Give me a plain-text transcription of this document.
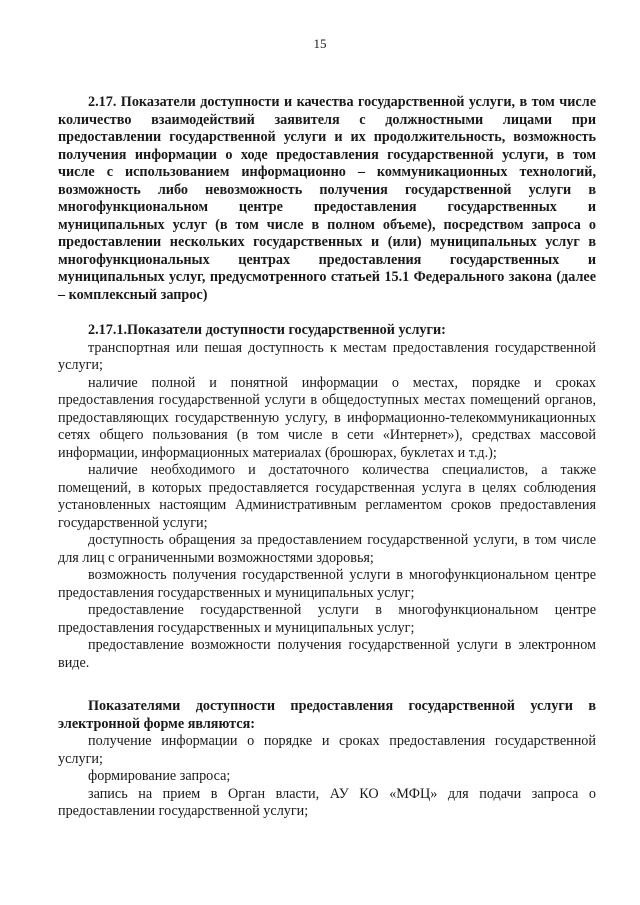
15

2.17. Показатели доступности и качества государственной услуги, в том числе количество взаимодействий заявителя с должностными лицами при предоставлении государственной услуги и их продолжительность, возможность получения информации о ходе предоставления государственной услуги, в том числе с использованием информационно – коммуникационных технологий, возможность либо невозможность получения государственной услуги в многофункциональном центре предоставления государственных и муниципальных услуг (в том числе в полном объеме), посредством запроса о предоставлении нескольких государственных и (или) муниципальных услуг в многофункциональных центрах предоставления государственных и муниципальных услуг, предусмотренного статьей 15.1 Федерального закона (далее – комплексный запрос)

2.17.1.Показатели доступности государственной услуги:

транспортная или пешая доступность к местам предоставления государственной услуги;

наличие полной и понятной информации о местах, порядке и сроках предоставления государственной услуги в общедоступных местах помещений органов, предоставляющих государственную услугу, в информационно-телекоммуникационных сетях общего пользования (в том числе в сети «Интернет»), средствах массовой информации, информационных материалах (брошюрах, буклетах и т.д.);

наличие необходимого и достаточного количества специалистов, а также помещений, в которых предоставляется государственная услуга в целях соблюдения установленных настоящим Административным регламентом сроков предоставления государственной услуги;

доступность обращения за предоставлением государственной услуги, в том числе для лиц с ограниченными возможностями здоровья;

возможность получения государственной услуги в многофункциональном центре предоставления государственных и муниципальных услуг;

предоставление государственной услуги в многофункциональном центре предоставления государственных и муниципальных услуг;

предоставление возможности получения государственной услуги в электронном виде.

Показателями доступности предоставления государственной услуги в электронной форме являются:

получение информации о порядке и сроках предоставления государственной услуги;

формирование запроса;

запись на прием в Орган власти, АУ КО «МФЦ» для подачи запроса о предоставлении государственной услуги;
